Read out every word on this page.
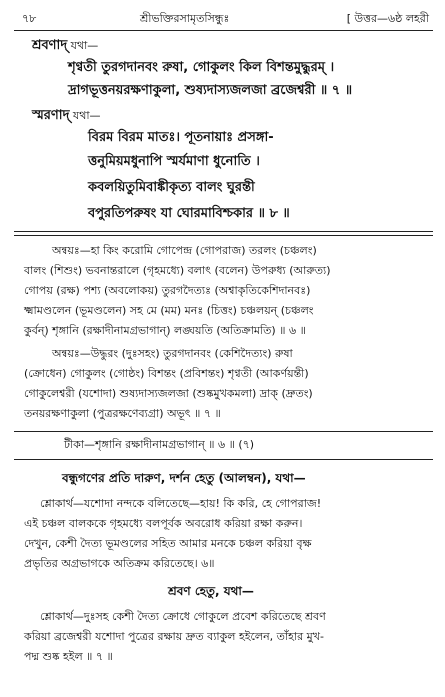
৭৮	শ্রীভক্তিরসামৃতসিন্ধুঃ	[ উত্তর—৬ষ্ঠ লহরী
শ্রবণাদ্‌ যথা—
শৃণ্বতী তুরগদানবং রুষা, গোকুলং কিল বিশন্তমুদ্ধুরম্‌ ।
দ্রাগভূত্তনয়রক্ষণাকুলা, শুষ্যদাস্যজলজা ব্রজেশ্বরী ॥ ৭ ॥
স্মরণাদ্‌ যথা—
বিরম বিরম মাতঃ। পূতনায়াঃ প্রসঙ্গা-
ত্তনুমিয়মধুনাপি স্মর্যমাণা ধুনোতি ।
কবলয়িতুমিবাঙ্কীকৃত্য বালং ঘুরন্তী
বপুরতিপরুষং যা ঘোরমাবিশ্চকার ॥ ৮ ॥
অন্বয়ঃ—হা কিং করোমি গোপেন্দ্র (গোপরাজ) তরলং (চঞ্চলং)
বালং (শিশুং) ভবনান্তরালে (গৃহমধ্যে) বলাৎ (বলেন) উপরুধ্য (আরুত্য)
গোপয় (রক্ষ) পশ্য (অবলোকয়) তুরগদৈত্যঃ (অশ্বাকৃতিকেশিদানবঃ)
ক্ষ্মামণ্ডলেন (ভূমণ্ডলেন) সহ মে (মম) মনঃ (চিত্তং) চঞ্চলয়ন্‌ (চঞ্চলং
কুর্বন্‌) শৃঙ্গানি (রক্ষাদীনামগ্রভাগান্‌) লঙ্ঘয়তি (অতিক্রামতি) ॥ ৬ ॥
অন্বয়ঃ—উদ্ধুরং (দুঃসহং) তুরগদানবং (কেশিদৈত্যং) রুষা
(ক্রোধেন) গোকুলং (গোষ্ঠং) বিশন্তং (প্রবিশন্তং) শৃণ্বতী (আকর্ণয়ন্তী)
গোকুলেশ্বরী (যশোদা) শুষ্যদাস্যজলজা (শুষ্কমুখকমলা) দ্রাক্‌ (দ্রুতং)
তনয়রক্ষণাকুলা (পুত্ররক্ষণেব্যগ্রা) অভূৎ ॥ ৭ ॥
টীকা—শৃঙ্গানি রক্ষাদীনামগ্রভাগান্‌ ॥ ৬ ॥ (৭)
বন্ধুগণের প্রতি দারুণ, দর্শন হেতু (আলম্বন), যথা—
শ্লোকার্থ—যশোদা নন্দকে বলিতেছে—হায়! কি করি, হে গোপরাজ!
এই চঞ্চল বালককে গৃহমধ্যে বলপূর্বক অবরোধ করিয়া রক্ষা করুন।
দেখুন, কেশী দৈত্য ভূমণ্ডলের সহিত আমার মনকে চঞ্চল করিয়া বৃক্ষ
প্রভৃতির অগ্রভাগকে অতিক্রম করিতেছে। ৬॥
শ্রবণ হেতু, যথা—
শ্লোকার্থ—দুঃসহ কেশী দৈত্য ক্রোধে গোকুলে প্রবেশ করিতেছে শ্রবণ
করিয়া ব্রজেশ্বরী যশোদা পুত্রের রক্ষায় দ্রুত ব্যাকুল হইলেন, তাঁহার মুখ-
পদ্ম শুষ্ক হইল ॥ ৭ ॥
